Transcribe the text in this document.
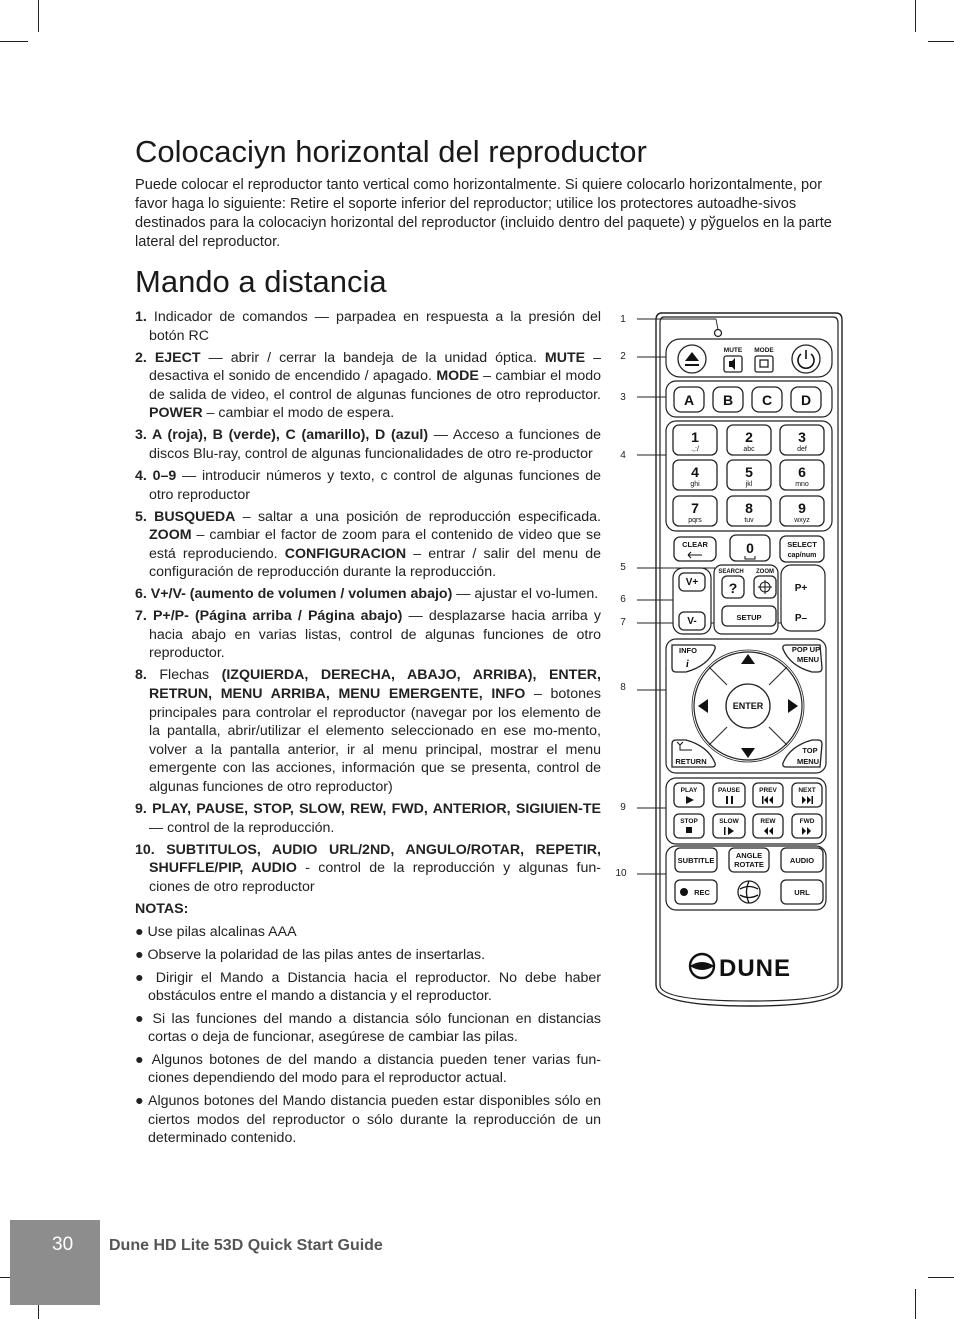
Colocaciyn horizontal del reproductor

Puede colocar el reproductor tanto vertical como horizontalmente. Si quiere colocarlo horizontalmente, por favor haga lo siguiente: Retire el soporte inferior del reproductor; utilice los protectores autoadhe-sivos destinados para la colocaciyn horizontal del reproductor (incluido dentro del paquete) y pўguelos en la parte lateral del reproductor.

Mando a distancia
1. Indicador de comandos — parpadea en respuesta a la presión del botón RC
2. EJECT — abrir / cerrar la bandeja de la unidad óptica. MUTE – desactiva el sonido de encendido / apagado. MODE – cambiar el modo de salida de video, el control de algunas funciones de otro reproductor. POWER – cambiar el modo de espera.
3. A (roja), B (verde), C (amarillo), D (azul) — Acceso a funciones de discos Blu-ray, control de algunas funcionalidades de otro re-productor
4. 0–9 — introducir números y texto, c control de algunas funciones de otro reproductor
5. BUSQUEDA – saltar a una posición de reproducción especificada. ZOOM – cambiar el factor de zoom para el contenido de video que se está reproduciendo. CONFIGURACION – entrar / salir del menu de configuración de reproducción durante la reproducción.
6. V+/V- (aumento de volumen / volumen abajo) — ajustar el vo-lumen.
7. P+/P- (Página arriba / Página abajo) — desplazarse hacia arriba y hacia abajo en varias listas, control de algunas funciones de otro reproductor.
8. Flechas (IZQUIERDA, DERECHA, ABAJO, ARRIBA), ENTER, RETRUN, MENU ARRIBA, MENU EMERGENTE, INFO – botones principales para controlar el reproductor (navegar por los elemento de la pantalla, abrir/utilizar el elemento seleccionado en ese mo-mento, volver a la pantalla anterior, ir al menu principal, mostrar el menu emergente con las acciones, información que se presenta, control de algunas funciones de otro reproductor)
9. PLAY, PAUSE, STOP, SLOW, REW, FWD, ANTERIOR, SIGIUIEN-TE — control de la reproducción.
10. SUBTITULOS, AUDIO URL/2ND, ANGULO/ROTAR, REPETIR, SHUFFLE/PIP, AUDIO - control de la reproducción y algunas fun-ciones de otro reproductor
NOTAS:
● Use pilas alcalinas AAA
● Observe la polaridad de las pilas antes de insertarlas.
● Dirigir el Mando a Distancia hacia el reproductor. No debe haber obstáculos entre el mando a distancia y el reproductor.
● Si las funciones del mando a distancia sólo funcionan en distancias cortas o deja de funcionar, asegúrese de cambiar las pilas.
● Algunos botones de del mando a distancia pueden tener varias fun-ciones dependiendo del modo para el reproductor actual.
● Algunos botones del Mando distancia pueden estar disponibles sólo en ciertos modos del reproductor o sólo durante la reproducción de un determinado contenido.
1
2
3
4
5
6
7
8
9
10
MUTE MODE
A B C D
1
.,:/
2
abc
3
def
4
ghi
5
jkl
6
mno
7
pqrs
8
tuv
9
wxyz
CLEAR	0	SELECT
cap/num
V+
V-
SEARCH ZOOM
?
SETUP
P+
P–
INFO
i
POP UP
MENU
RETURN
TOP
MENU
ENTER
PLAY	PAUSE	PREV	NEXT
STOP	SLOW	REW	FWD
SUBTITLE
ANGLE
ROTATE	AUDIO
REC	URL
DUNE
30 Dune HD Lite 53D Quick Start Guide
